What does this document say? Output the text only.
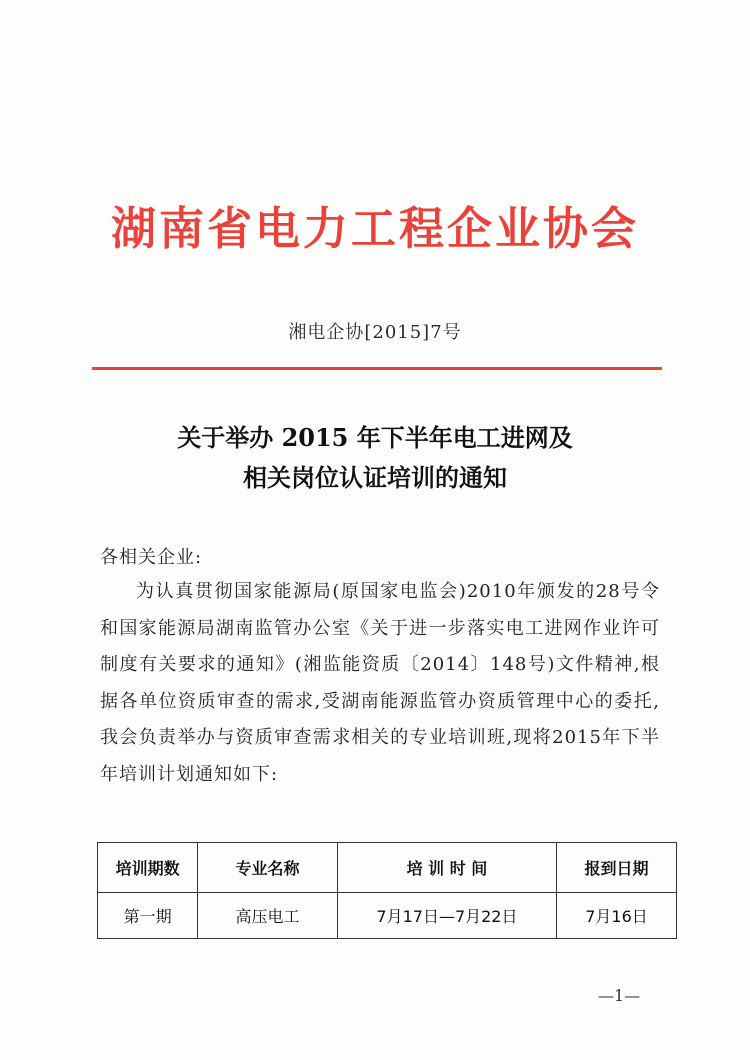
湖南省电力工程企业协会
湘电企协[2015]7号
关于举办 2015 年下半年电工进网及
相关岗位认证培训的通知
各相关企业:
为认真贯彻国家能源局(原国家电监会)2010年颁发的28号令和国家能源局湖南监管办公室《关于进一步落实电工进网作业许可制度有关要求的通知》(湘监能资质〔2014〕148号)文件精神,根据各单位资质审查的需求,受湖南能源监管办资质管理中心的委托,我会负责举办与资质审查需求相关的专业培训班,现将2015年下半年培训计划通知如下:
培训期数	专业名称	培 训 时 间	报到日期
第一期	高压电工	7月17日—7月22日	7月16日
—1—
